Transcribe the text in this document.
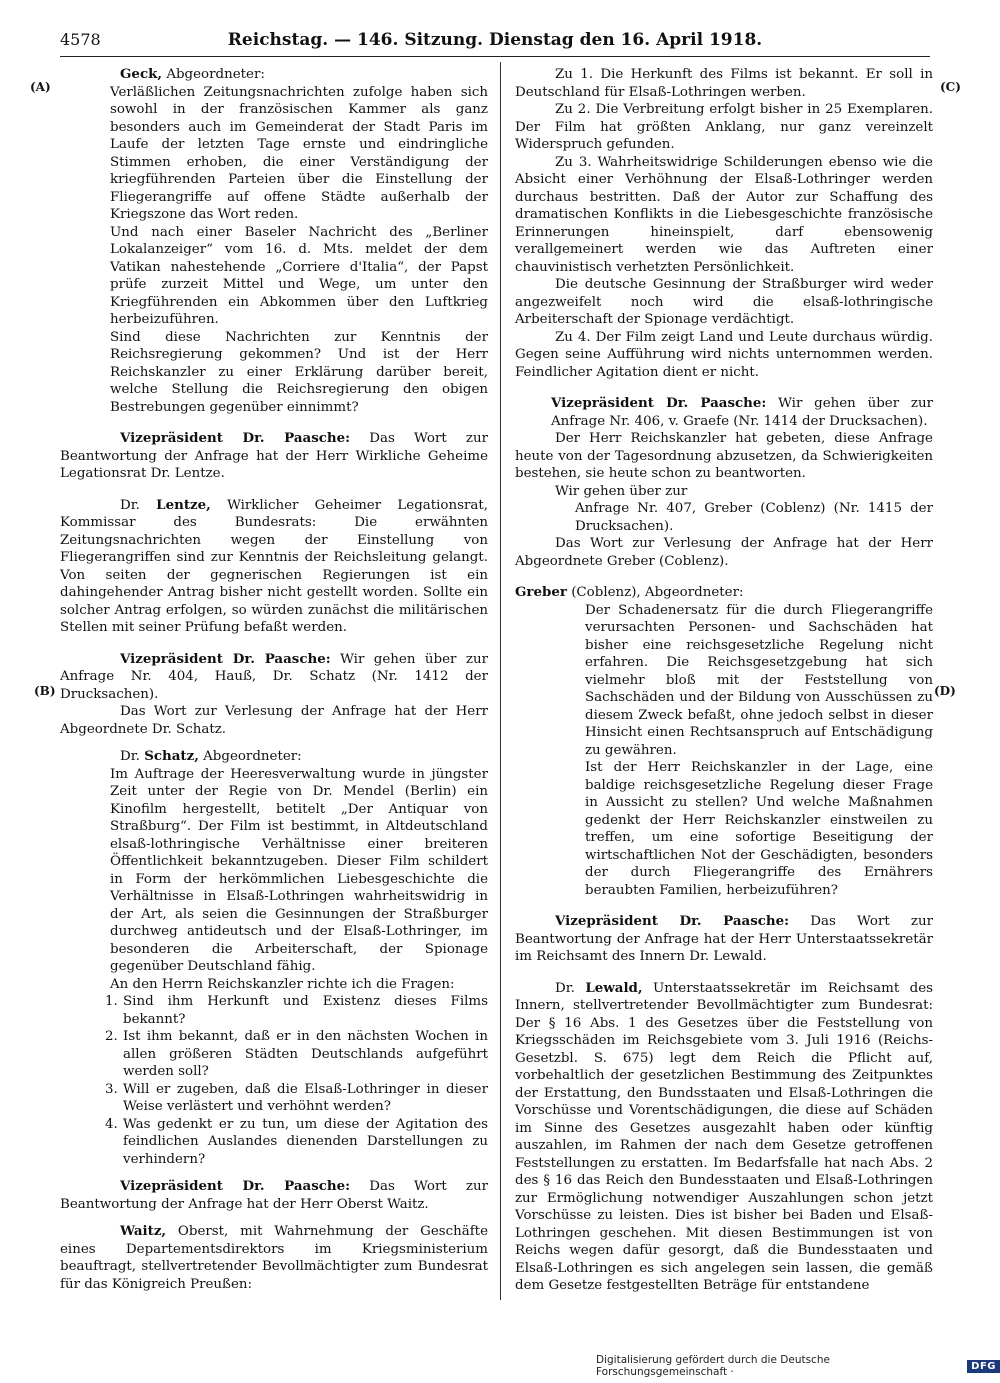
4578	Reichstag. — 146. Sitzung. Dienstag den 16. April 1918.
(A)
(B)
(C)
(D)

Geck, Abgeordneter:

Verläßlichen Zeitungsnachrichten zufolge haben sich sowohl in der französischen Kammer als ganz besonders auch im Gemeinderat der Stadt Paris im Laufe der letzten Tage ernste und eindringliche Stimmen erhoben, die einer Verständigung der kriegführenden Parteien über die Einstellung der Fliegerangriffe auf offene Städte außerhalb der Kriegszone das Wort reden.

Und nach einer Baseler Nachricht des „Berliner Lokalanzeiger“ vom 16. d. Mts. meldet der dem Vatikan nahestehende „Corriere d'Italia“, der Papst prüfe zurzeit Mittel und Wege, um unter den Kriegführenden ein Abkommen über den Luftkrieg herbeizuführen.

Sind diese Nachrichten zur Kenntnis der Reichsregierung gekommen? Und ist der Herr Reichskanzler zu einer Erklärung darüber bereit, welche Stellung die Reichsregierung den obigen Bestrebungen gegenüber einnimmt?

Vizepräsident Dr. Paasche: Das Wort zur Beantwortung der Anfrage hat der Herr Wirkliche Geheime Legationsrat Dr. Lentze.

Dr. Lentze, Wirklicher Geheimer Legationsrat, Kommissar des Bundesrats: Die erwähnten Zeitungsnachrichten wegen der Einstellung von Fliegerangriffen sind zur Kenntnis der Reichsleitung gelangt. Von seiten der gegnerischen Regierungen ist ein dahingehender Antrag bisher nicht gestellt worden. Sollte ein solcher Antrag erfolgen, so würden zunächst die militärischen Stellen mit seiner Prüfung befaßt werden.

Vizepräsident Dr. Paasche: Wir gehen über zur Anfrage Nr. 404, Hauß, Dr. Schatz (Nr. 1412 der Drucksachen).

Das Wort zur Verlesung der Anfrage hat der Herr Abgeordnete Dr. Schatz.

Dr. Schatz, Abgeordneter:

Im Auftrage der Heeresverwaltung wurde in jüngster Zeit unter der Regie von Dr. Mendel (Berlin) ein Kinofilm hergestellt, betitelt „Der Antiquar von Straßburg“. Der Film ist bestimmt, in Altdeutschland elsaß-lothringische Verhältnisse einer breiteren Öffentlichkeit bekanntzugeben. Dieser Film schildert in Form der herkömmlichen Liebesgeschichte die Verhältnisse in Elsaß-Lothringen wahrheitswidrig in der Art, als seien die Gesinnungen der Straßburger durchweg antideutsch und der Elsaß-Lothringer, im besonderen die Arbeiterschaft, der Spionage gegenüber Deutschland fähig.

An den Herrn Reichskanzler richte ich die Fragen:

1. Sind ihm Herkunft und Existenz dieses Films bekannt?
2. Ist ihm bekannt, daß er in den nächsten Wochen in allen größeren Städten Deutschlands aufgeführt werden soll?
3. Will er zugeben, daß die Elsaß-Lothringer in dieser Weise verlästert und verhöhnt werden?
4. Was gedenkt er zu tun, um diese der Agitation des feindlichen Auslandes dienenden Darstellungen zu verhindern?

Vizepräsident Dr. Paasche: Das Wort zur Beantwortung der Anfrage hat der Herr Oberst Waitz.

Waitz, Oberst, mit Wahrnehmung der Geschäfte eines Departementsdirektors im Kriegsministerium beauftragt, stellvertretender Bevollmächtigter zum Bundesrat für das Königreich Preußen:

Zu 1. Die Herkunft des Films ist bekannt. Er soll in Deutschland für Elsaß-Lothringen werben.

Zu 2. Die Verbreitung erfolgt bisher in 25 Exemplaren. Der Film hat größten Anklang, nur ganz vereinzelt Widerspruch gefunden.

Zu 3. Wahrheitswidrige Schilderungen ebenso wie die Absicht einer Verhöhnung der Elsaß-Lothringer werden durchaus bestritten. Daß der Autor zur Schaffung des dramatischen Konflikts in die Liebesgeschichte französische Erinnerungen hineinspielt, darf ebensowenig verallgemeinert werden wie das Auftreten einer chauvinistisch verhetzten Persönlichkeit.

Die deutsche Gesinnung der Straßburger wird weder angezweifelt noch wird die elsaß-lothringische Arbeiterschaft der Spionage verdächtigt.

Zu 4. Der Film zeigt Land und Leute durchaus würdig. Gegen seine Aufführung wird nichts unternommen werden. Feindlicher Agitation dient er nicht.

Vizepräsident Dr. Paasche: Wir gehen über zur Anfrage Nr. 406, v. Graefe (Nr. 1414 der Drucksachen).

Der Herr Reichskanzler hat gebeten, diese Anfrage heute von der Tagesordnung abzusetzen, da Schwierigkeiten bestehen, sie heute schon zu beantworten.

Wir gehen über zur

Anfrage Nr. 407, Greber (Coblenz) (Nr. 1415 der Drucksachen).

Das Wort zur Verlesung der Anfrage hat der Herr Abgeordnete Greber (Coblenz).

Greber (Coblenz), Abgeordneter:

Der Schadenersatz für die durch Fliegerangriffe verursachten Personen- und Sachschäden hat bisher eine reichsgesetzliche Regelung nicht erfahren. Die Reichsgesetzgebung hat sich vielmehr bloß mit der Feststellung von Sachschäden und der Bildung von Ausschüssen zu diesem Zweck befaßt, ohne jedoch selbst in dieser Hinsicht einen Rechtsanspruch auf Entschädigung zu gewähren.

Ist der Herr Reichskanzler in der Lage, eine baldige reichsgesetzliche Regelung dieser Frage in Aussicht zu stellen? Und welche Maßnahmen gedenkt der Herr Reichskanzler einstweilen zu treffen, um eine sofortige Beseitigung der wirtschaftlichen Not der Geschädigten, besonders der durch Fliegerangriffe des Ernährers beraubten Familien, herbeizuführen?

Vizepräsident Dr. Paasche: Das Wort zur Beantwortung der Anfrage hat der Herr Unterstaatssekretär im Reichsamt des Innern Dr. Lewald.

Dr. Lewald, Unterstaatssekretär im Reichsamt des Innern, stellvertretender Bevollmächtigter zum Bundesrat: Der § 16 Abs. 1 des Gesetzes über die Feststellung von Kriegsschäden im Reichsgebiete vom 3. Juli 1916 (Reichs-Gesetzbl. S. 675) legt dem Reich die Pflicht auf, vorbehaltlich der gesetzlichen Bestimmung des Zeitpunktes der Erstattung, den Bundsstaaten und Elsaß-Lothringen die Vorschüsse und Vorentschädigungen, die diese auf Schäden im Sinne des Gesetzes ausgezahlt haben oder künftig auszahlen, im Rahmen der nach dem Gesetze getroffenen Feststellungen zu erstatten. Im Bedarfsfalle hat nach Abs. 2 des § 16 das Reich den Bundesstaaten und Elsaß-Lothringen zur Ermöglichung notwendiger Auszahlungen schon jetzt Vorschüsse zu leisten. Dies ist bisher bei Baden und Elsaß-Lothringen geschehen. Mit diesen Bestimmungen ist von Reichs wegen dafür gesorgt, daß die Bundesstaaten und Elsaß-Lothringen es sich angelegen sein lassen, die gemäß dem Gesetze festgestellten Beträge für entstandene

Digitalisierung gefördert durch die Deutsche Forschungsgemeinschaft ·	DFG
